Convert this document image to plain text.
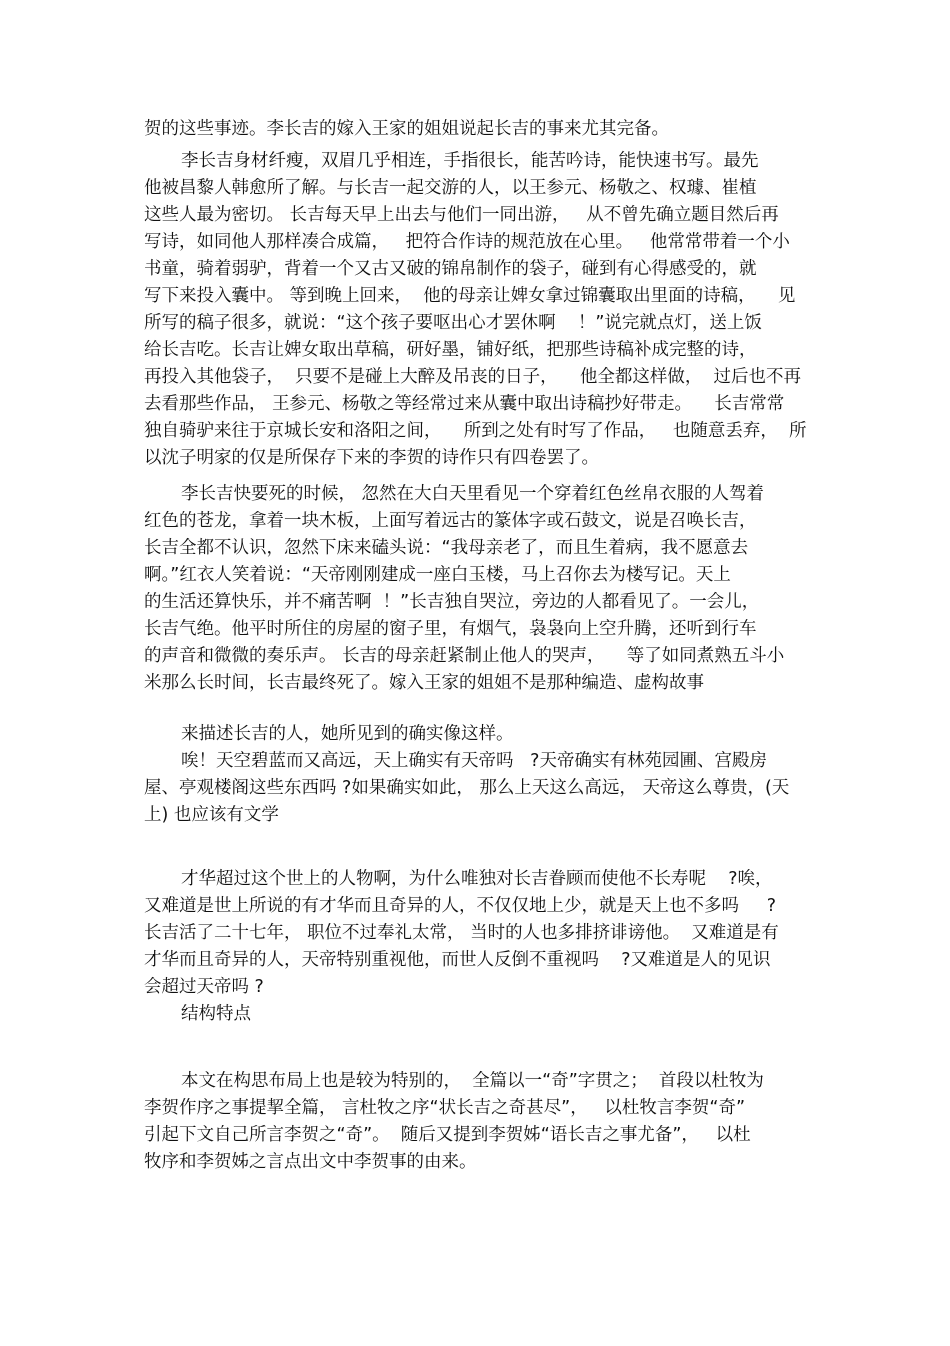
贺的这些事迹。李长吉的嫁入王家的姐姐说起长吉的事来尤其完备。
李长吉身材纤瘦，双眉几乎相连，手指很长，能苦吟诗，能快速书写。最先
他被昌黎人韩愈所了解。与长吉一起交游的人，以王参元、杨敬之、权璩、崔植
这些人最为密切。 长吉每天早上出去与他们一同出游，   从不曾先确立题目然后再
写诗，如同他人那样凑合成篇，   把符合作诗的规范放在心里。   他常常带着一个小
书童，骑着弱驴，背着一个又古又破的锦帛制作的袋子，碰到有心得感受的，就
写下来投入囊中。 等到晚上回来，  他的母亲让婢女拿过锦囊取出里面的诗稿，    见
所写的稿子很多，就说：“这个孩子要呕出心才罢休啊    ！”说完就点灯，送上饭
给长吉吃。长吉让婢女取出草稿，研好墨，铺好纸，把那些诗稿补成完整的诗，
再投入其他袋子，  只要不是碰上大醉及吊丧的日子，    他全都这样做，  过后也不再
去看那些作品， 王参元、杨敬之等经常过来从囊中取出诗稿抄好带走。    长吉常常
独自骑驴来往于京城长安和洛阳之间，    所到之处有时写了作品，   也随意丢弃，  所
以沈子明家的仅是所保存下来的李贺的诗作只有四卷罢了。
李长吉快要死的时候， 忽然在大白天里看见一个穿着红色丝帛衣服的人驾着
红色的苍龙，拿着一块木板，上面写着远古的篆体字或石鼓文，说是召唤长吉，
长吉全都不认识，忽然下床来磕头说：“我母亲老了，而且生着病，我不愿意去
啊。”红衣人笑着说：“天帝刚刚建成一座白玉楼，马上召你去为楼写记。天上
的生活还算快乐，并不痛苦啊  ！”长吉独自哭泣，旁边的人都看见了。一会儿，
长吉气绝。他平时所住的房屋的窗子里，有烟气，袅袅向上空升腾，还听到行车
的声音和微微的奏乐声。 长吉的母亲赶紧制止他人的哭声，    等了如同煮熟五斗小
米那么长时间，长吉最终死了。嫁入王家的姐姐不是那种编造、虚构故事
来描述长吉的人，她所见到的确实像这样。
唉！天空碧蓝而又高远，天上确实有天帝吗   ?天帝确实有林苑园圃、宫殿房
屋、亭观楼阁这些东西吗 ?如果确实如此， 那么上天这么高远， 天帝这么尊贵，(天
上) 也应该有文学
才华超过这个世上的人物啊，为什么唯独对长吉眷顾而使他不长寿呢    ?唉，
又难道是世上所说的有才华而且奇异的人，不仅仅地上少，就是天上也不多吗     ?
长吉活了二十七年， 职位不过奉礼太常， 当时的人也多排挤诽谤他。  又难道是有
才华而且奇异的人，天帝特别重视他，而世人反倒不重视吗    ?又难道是人的见识
会超过天帝吗 ?
结构特点
本文在构思布局上也是较为特别的，  全篇以一“奇”字贯之；  首段以杜牧为
李贺作序之事提挈全篇， 言杜牧之序“状长吉之奇甚尽”，   以杜牧言李贺“奇”
引起下文自己所言李贺之“奇”。  随后又提到李贺姊“语长吉之事尤备”，   以杜
牧序和李贺姊之言点出文中李贺事的由来。
